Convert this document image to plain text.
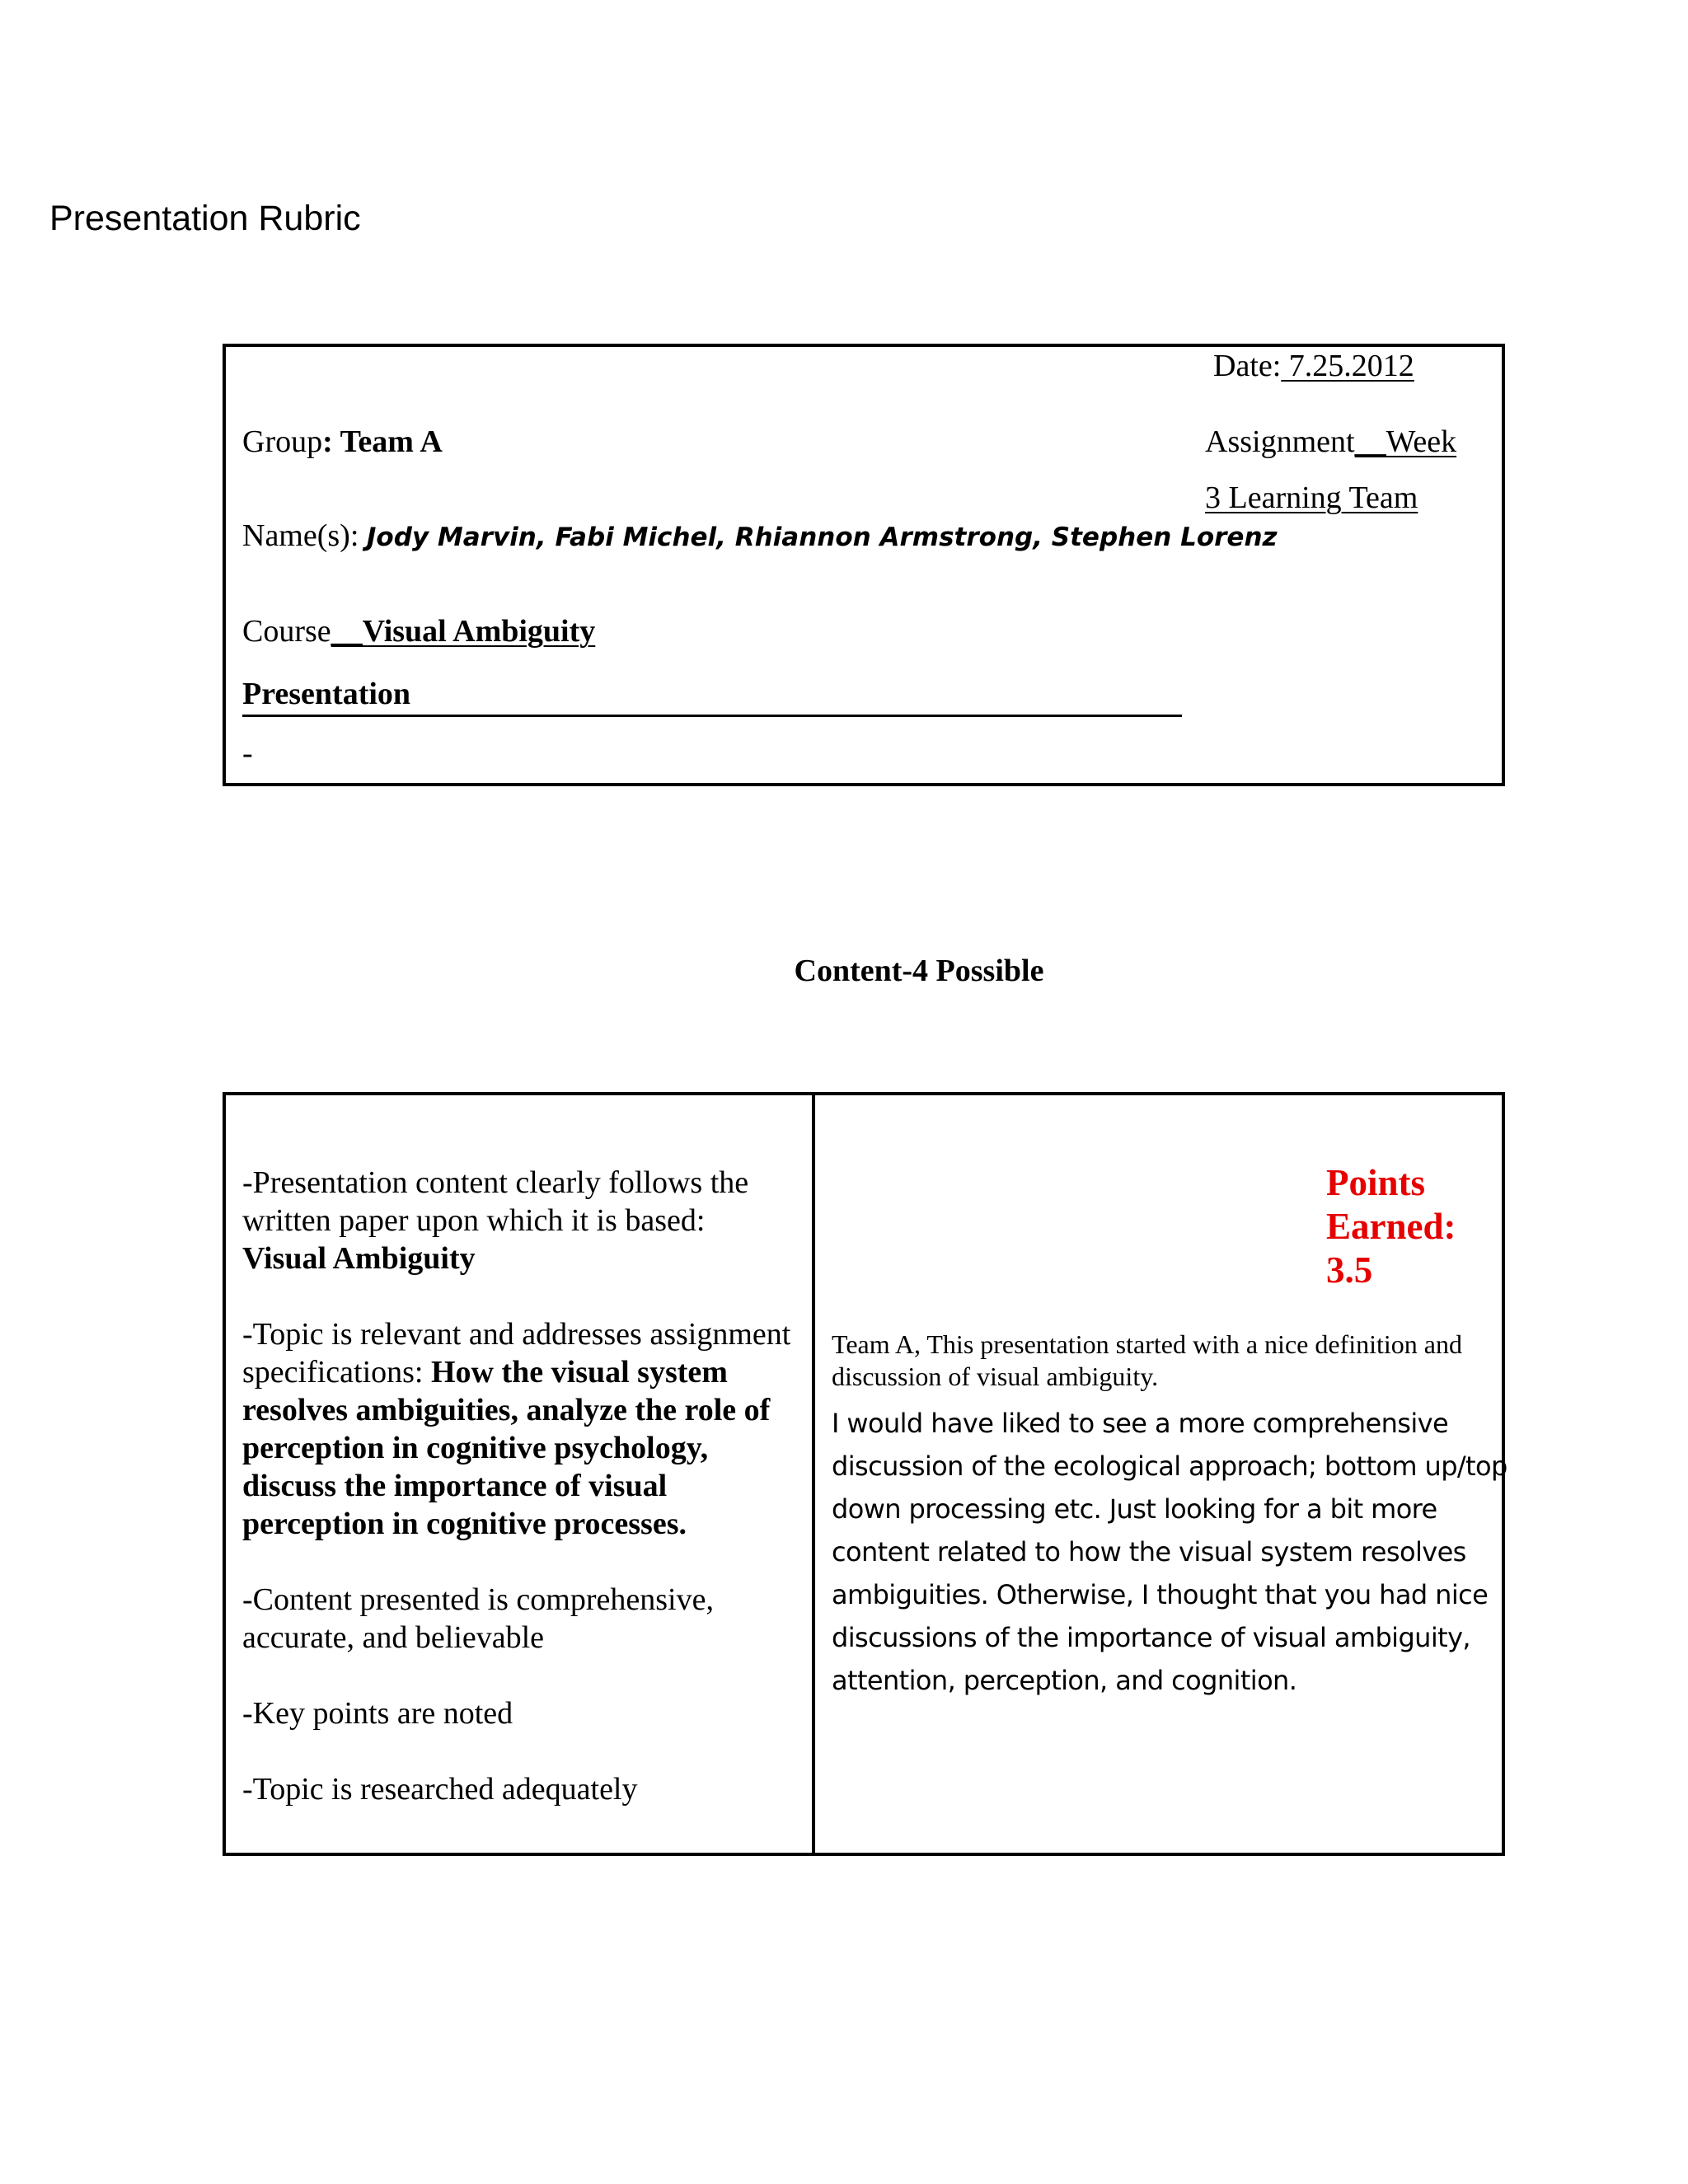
Presentation Rubric
Date: 7.25.2012
Group: Team A	Assignment__Week
3 Learning Team
Name(s): Jody Marvin, Fabi Michel, Rhiannon Armstrong, Stephen Lorenz
Course__Visual Ambiguity
Presentation
-
Content-4 Possible

-Presentation content clearly follows the written paper upon which it is based: Visual Ambiguity

-Topic is relevant and addresses assignment specifications: How the visual system resolves ambiguities, analyze the role of perception in cognitive psychology, discuss the importance of visual perception in cognitive processes.

-Content presented is comprehensive, accurate, and believable

-Key points are noted

-Topic is researched adequately

Points
Earned:
3.5
Team A, This presentation started with a nice definition and discussion of visual ambiguity.
I would have liked to see a more comprehensive
discussion of the ecological approach; bottom up/top
down processing etc. Just looking for a bit more
content related to how the visual system resolves
ambiguities. Otherwise, I thought that you had nice
discussions of the importance of visual ambiguity,
attention, perception, and cognition.
